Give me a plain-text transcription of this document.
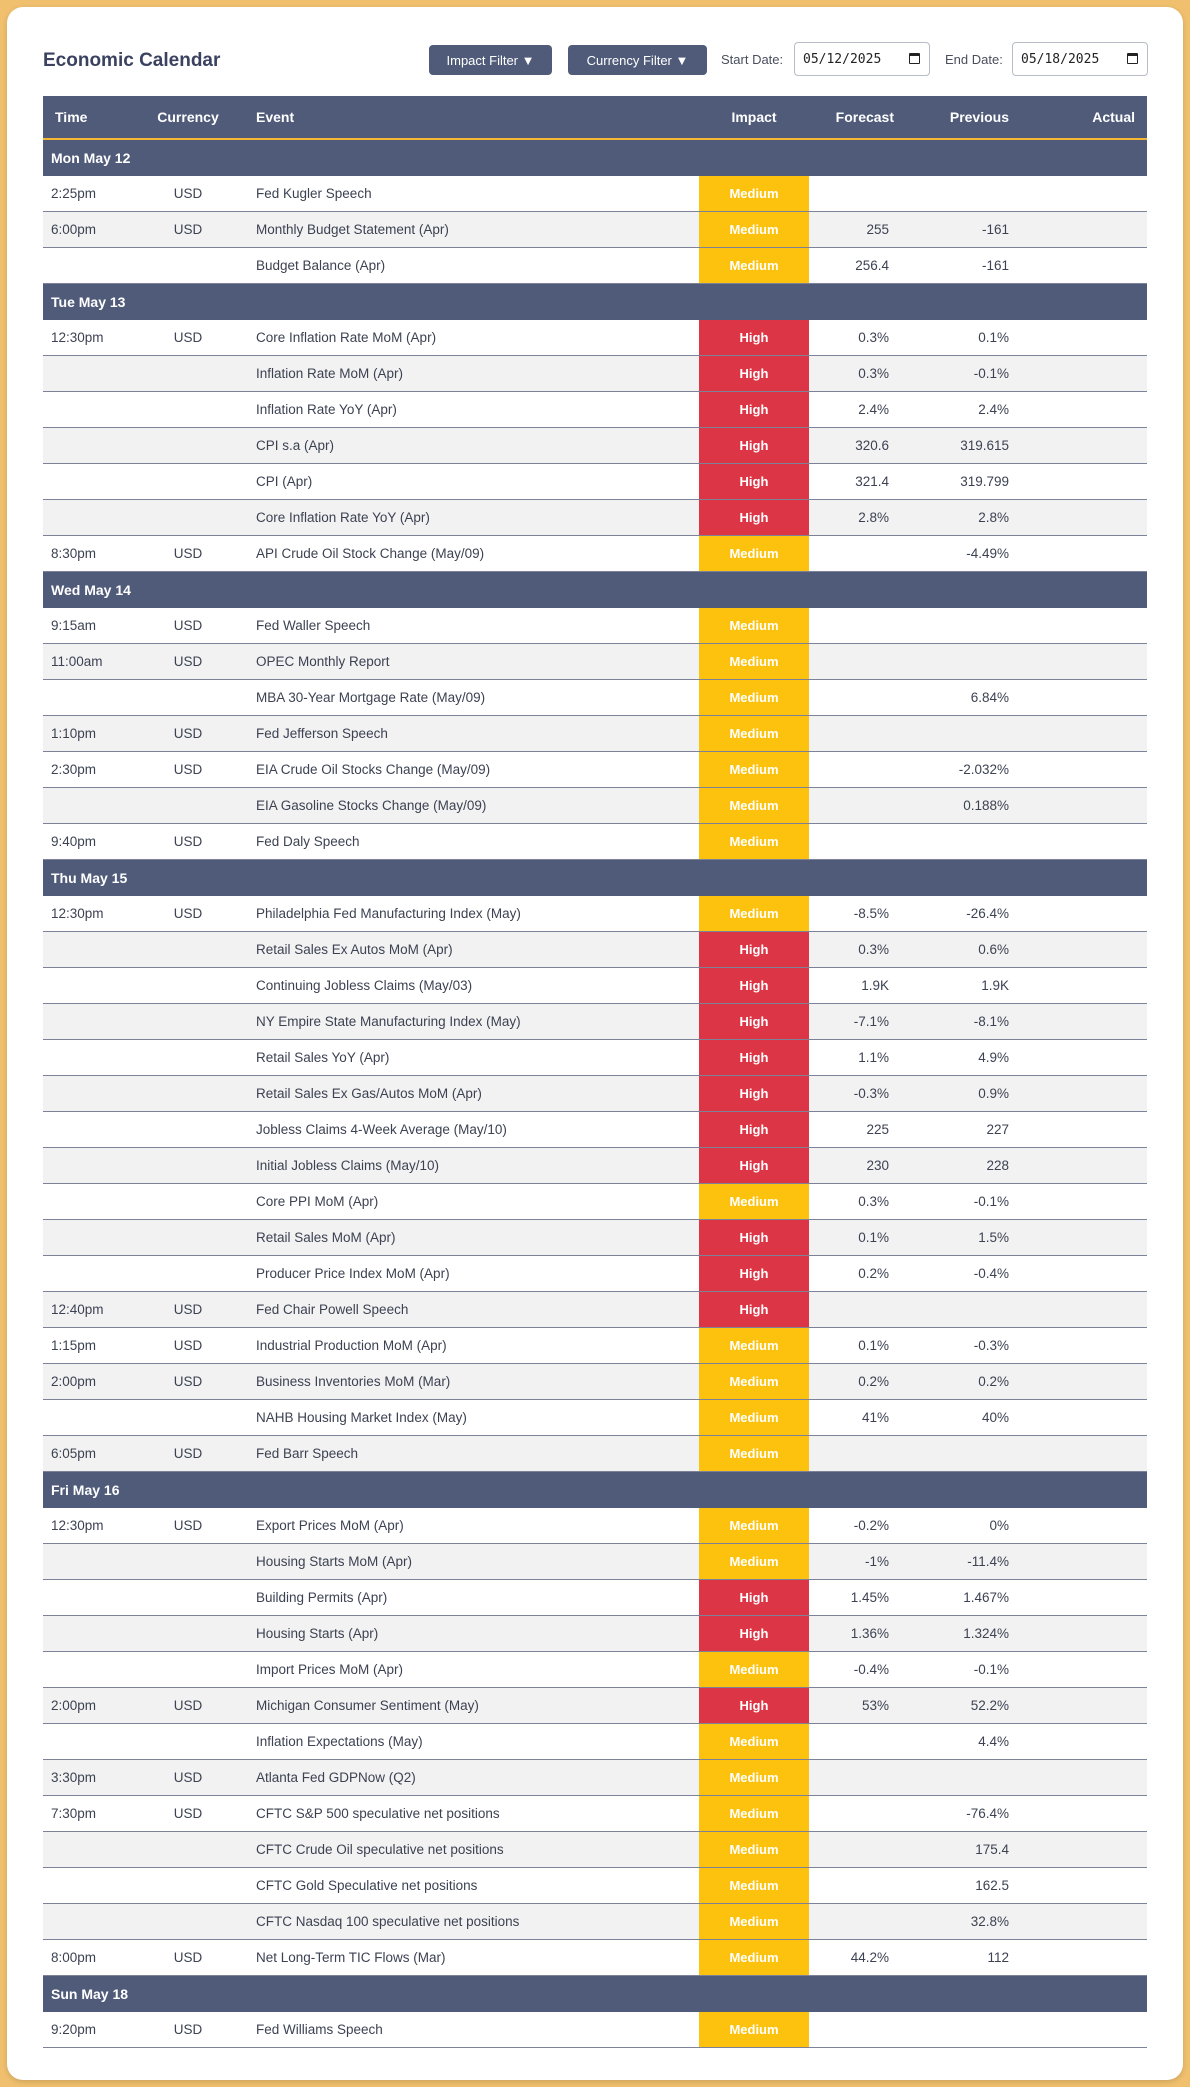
Economic Calendar	Impact Filter ▼	Currency Filter ▼	Start Date: 05/12/2025	End Date: 05/18/2025
Time	Currency	Event	Impact	Forecast	Previous	Actual
Mon May 12						
2:25pm	USD	Fed Kugler Speech	Medium			

6:00pm	USD	Monthly Budget Statement (Apr)	Medium	255	-161	
		Budget Balance (Apr)	Medium	256.4	-161	
Tue May 13						
12:30pm	USD	Core Inflation Rate MoM (Apr)	High	0.3%	0.1%	
		Inflation Rate MoM (Apr)	High	0.3%	-0.1%	
		Inflation Rate YoY (Apr)	High	2.4%	2.4%	
		CPI s.a (Apr)	High	320.6	319.615	
		CPI (Apr)	High	321.4	319.799	
		Core Inflation Rate YoY (Apr)	High	2.8%	2.8%	
8:30pm	USD	API Crude Oil Stock Change (May/09)	Medium		-4.49%	
Wed May 14						
9:15am	USD	Fed Waller Speech	Medium			

11:00am	USD	OPEC Monthly Report	Medium			

		MBA 30-Year Mortgage Rate (May/09)	Medium		6.84%	
1:10pm	USD	Fed Jefferson Speech	Medium			

2:30pm	USD	EIA Crude Oil Stocks Change (May/09)	Medium		-2.032%	
		EIA Gasoline Stocks Change (May/09)	Medium		0.188%	
9:40pm	USD	Fed Daly Speech	Medium			

Thu May 15						
12:30pm	USD	Philadelphia Fed Manufacturing Index (May)	Medium	-8.5%	-26.4%	
		Retail Sales Ex Autos MoM (Apr)	High	0.3%	0.6%	
		Continuing Jobless Claims (May/03)	High	1.9K	1.9K	
		NY Empire State Manufacturing Index (May)	High	-7.1%	-8.1%	
		Retail Sales YoY (Apr)	High	1.1%	4.9%	
		Retail Sales Ex Gas/Autos MoM (Apr)	High	-0.3%	0.9%	
		Jobless Claims 4-Week Average (May/10)	High	225	227	
		Initial Jobless Claims (May/10)	High	230	228	
		Core PPI MoM (Apr)	Medium	0.3%	-0.1%	
		Retail Sales MoM (Apr)	High	0.1%	1.5%	
		Producer Price Index MoM (Apr)	High	0.2%	-0.4%	
12:40pm	USD	Fed Chair Powell Speech	High			

1:15pm	USD	Industrial Production MoM (Apr)	Medium	0.1%	-0.3%	
2:00pm	USD	Business Inventories MoM (Mar)	Medium	0.2%	0.2%	
		NAHB Housing Market Index (May)	Medium	41%	40%	
6:05pm	USD	Fed Barr Speech	Medium			

Fri May 16						
12:30pm	USD	Export Prices MoM (Apr)	Medium	-0.2%	0%	
		Housing Starts MoM (Apr)	Medium	-1%	-11.4%	
		Building Permits (Apr)	High	1.45%	1.467%	
		Housing Starts (Apr)	High	1.36%	1.324%	
		Import Prices MoM (Apr)	Medium	-0.4%	-0.1%	
2:00pm	USD	Michigan Consumer Sentiment (May)	High	53%	52.2%	
		Inflation Expectations (May)	Medium		4.4%	
3:30pm	USD	Atlanta Fed GDPNow (Q2)	Medium			

7:30pm	USD	CFTC S&P 500 speculative net positions	Medium		-76.4%	
		CFTC Crude Oil speculative net positions	Medium		175.4	
		CFTC Gold Speculative net positions	Medium		162.5	
		CFTC Nasdaq 100 speculative net positions	Medium		32.8%	
8:00pm	USD	Net Long-Term TIC Flows (Mar)	Medium	44.2%	112	
Sun May 18						
9:20pm	USD	Fed Williams Speech	Medium			
